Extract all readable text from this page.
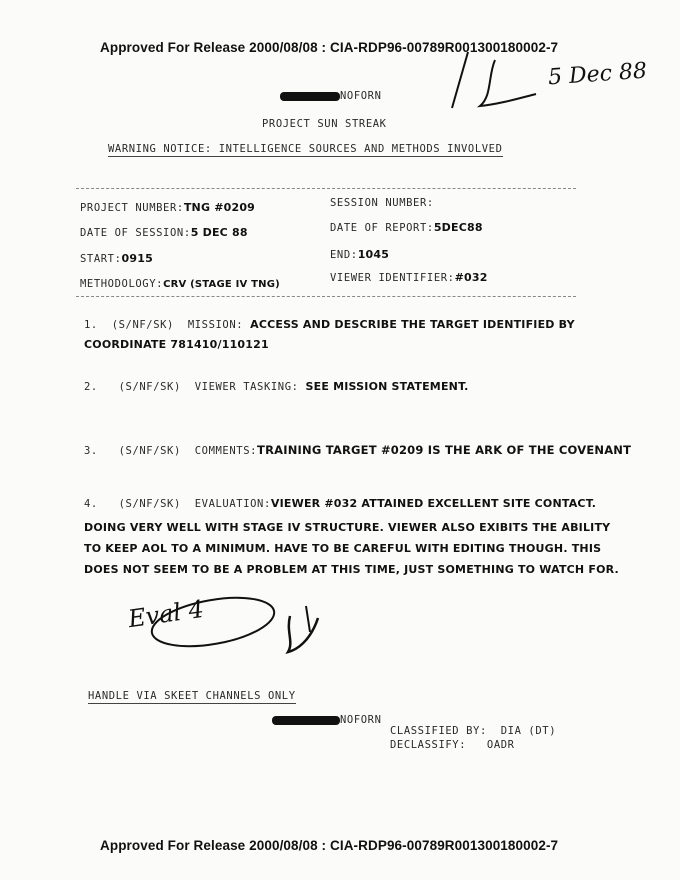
Approved For Release 2000/08/08 : CIA-RDP96-00789R001300180002-7
5 Dec 88
NOFORN
PROJECT SUN STREAK
WARNING NOTICE: INTELLIGENCE SOURCES AND METHODS INVOLVED
PROJECT NUMBER:TNG #0209	SESSION NUMBER:
DATE OF SESSION:5 DEC 88	DATE OF REPORT:5DEC88
START:0915	END:1045
METHODOLOGY:CRV (STAGE IV TNG)
VIEWER IDENTIFIER:#032
1. (S/NF/SK) MISSION: ACCESS AND DESCRIBE THE TARGET IDENTIFIED BY
COORDINATE 781410/110121
2. (S/NF/SK) VIEWER TASKING: SEE MISSION STATEMENT.
3. (S/NF/SK) COMMENTS:TRAINING TARGET #0209 IS THE ARK OF THE COVENANT
4. (S/NF/SK) EVALUATION:VIEWER #032 ATTAINED EXCELLENT SITE CONTACT.
DOING VERY WELL WITH STAGE IV STRUCTURE. VIEWER ALSO EXIBITS THE ABILITY
TO KEEP AOL TO A MINIMUM. HAVE TO BE CAREFUL WITH EDITING THOUGH. THIS
DOES NOT SEEM TO BE A PROBLEM AT THIS TIME, JUST SOMETHING TO WATCH FOR.
Eval 4
HANDLE VIA SKEET CHANNELS ONLY
NOFORN
CLASSIFIED BY: DIA (DT)
DECLASSIFY: OADR
Approved For Release 2000/08/08 : CIA-RDP96-00789R001300180002-7
